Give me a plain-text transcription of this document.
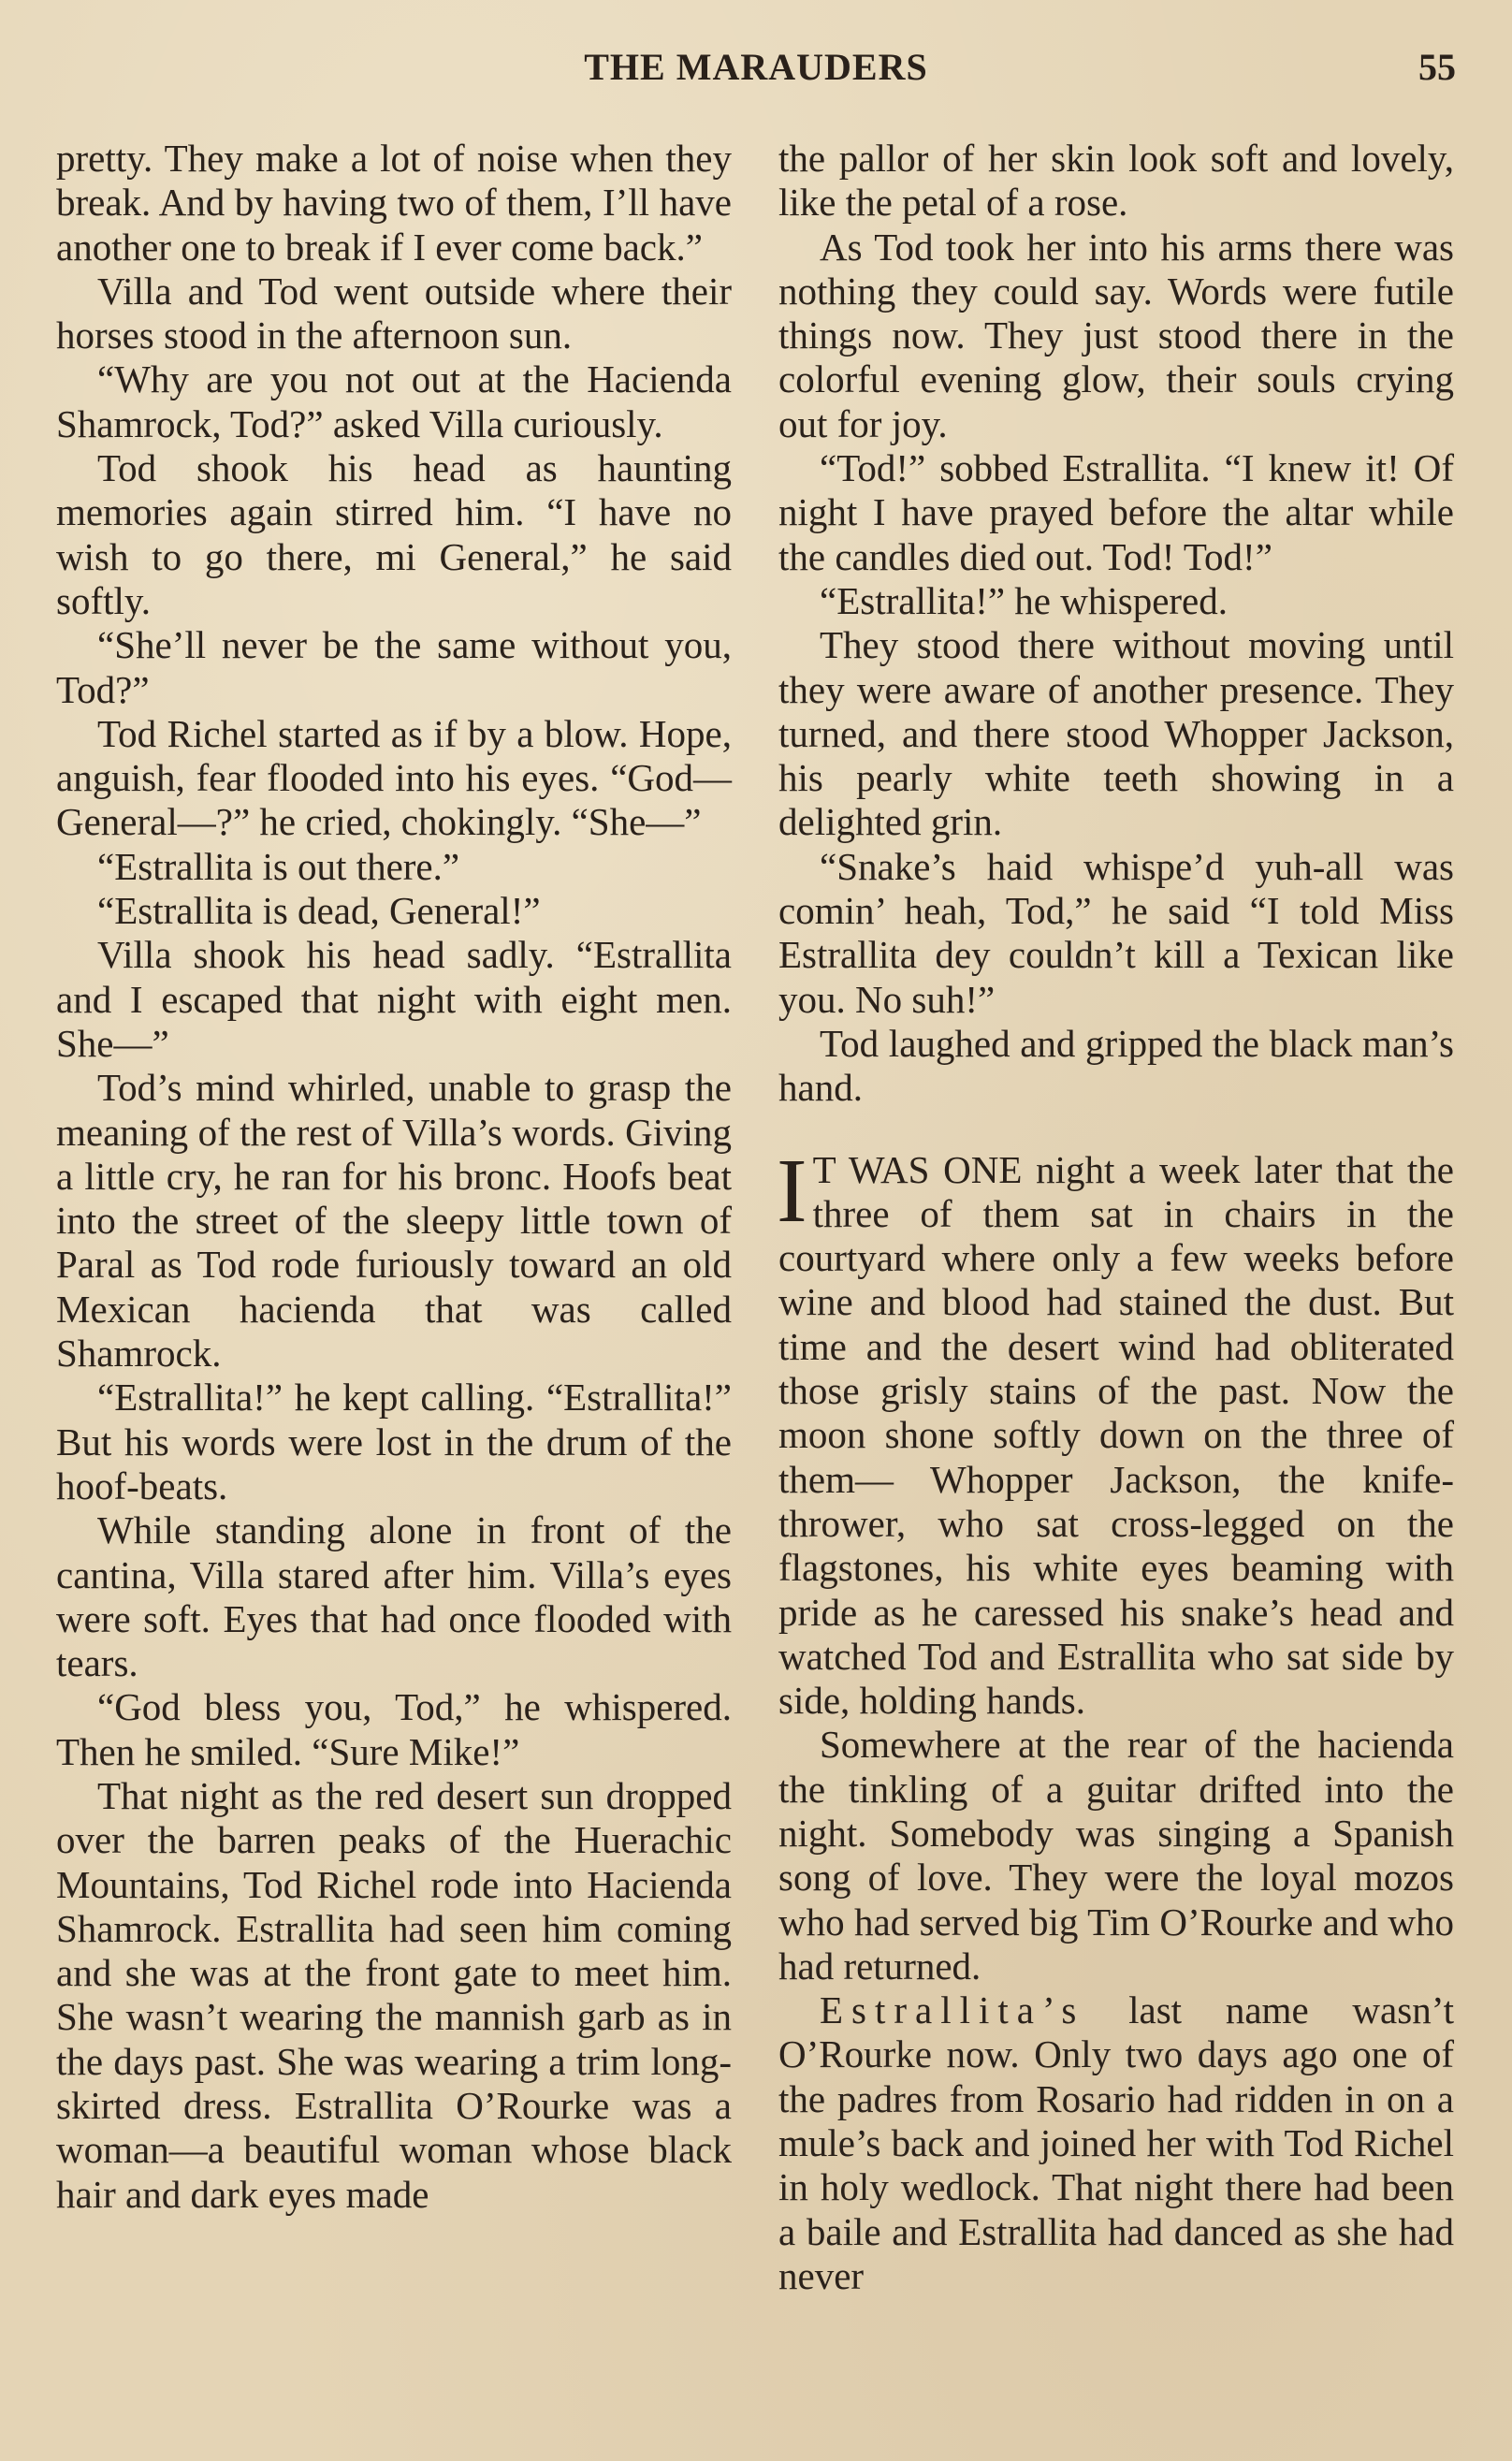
THE MARAUDERS	55

pretty. They make a lot of noise when they break. And by having two of them, I’ll have another one to break if I ever come back.”

Villa and Tod went outside where their horses stood in the afternoon sun.

“Why are you not out at the Hacienda Shamrock, Tod?” asked Villa curiously.

Tod shook his head as haunting memories again stirred him. “I have no wish to go there, mi General,” he said softly.

“She’ll never be the same without you, Tod?”

Tod Richel started as if by a blow. Hope, anguish, fear flooded into his eyes. “God—General—?” he cried, chokingly. “She—”

“Estrallita is out there.”

“Estrallita is dead, General!”

Villa shook his head sadly. “Estrallita and I escaped that night with eight men. She—”

Tod’s mind whirled, unable to grasp the meaning of the rest of Villa’s words. Giving a little cry, he ran for his bronc. Hoofs beat into the street of the sleepy little town of Paral as Tod rode furiously toward an old Mexican hacienda that was called Shamrock.

“Estrallita!” he kept calling. “Estrallita!” But his words were lost in the drum of the hoof-beats.

While standing alone in front of the cantina, Villa stared after him. Villa’s eyes were soft. Eyes that had once flooded with tears.

“God bless you, Tod,” he whispered. Then he smiled. “Sure Mike!”

That night as the red desert sun dropped over the barren peaks of the Huerachic Mountains, Tod Richel rode into Hacienda Shamrock. Estrallita had seen him coming and she was at the front gate to meet him. She wasn’t wearing the mannish garb as in the days past. She was wearing a trim long-skirted dress. Estrallita O’Rourke was a woman—a beautiful woman whose black hair and dark eyes made

the pallor of her skin look soft and lovely, like the petal of a rose.

As Tod took her into his arms there was nothing they could say. Words were futile things now. They just stood there in the colorful evening glow, their souls crying out for joy.

“Tod!” sobbed Estrallita. “I knew it! Of night I have prayed before the altar while the candles died out. Tod! Tod!”

“Estrallita!” he whispered.

They stood there without moving until they were aware of another presence. They turned, and there stood Whopper Jackson, his pearly white teeth showing in a delighted grin.

“Snake’s haid whispe’d yuh-all was comin’ heah, Tod,” he said “I told Miss Estrallita dey couldn’t kill a Texican like you. No suh!”

Tod laughed and gripped the black man’s hand.

I T WAS ONE night a week later that the three of them sat in chairs in the courtyard where only a few weeks before wine and blood had stained the dust. But time and the desert wind had obliterated those grisly stains of the past. Now the moon shone softly down on the three of them— Whopper Jackson, the knife-thrower, who sat cross-legged on the flagstones, his white eyes beaming with pride as he caressed his snake’s head and watched Tod and Estrallita who sat side by side, holding hands.

Somewhere at the rear of the hacienda the tinkling of a guitar drifted into the night. Somebody was singing a Spanish song of love. They were the loyal mozos who had served big Tim O’Rourke and who had returned.

Estrallita’s last name wasn’t O’Rourke now. Only two days ago one of the padres from Rosario had ridden in on a mule’s back and joined her with Tod Richel in holy wedlock. That night there had been a baile and Estrallita had danced as she had never
